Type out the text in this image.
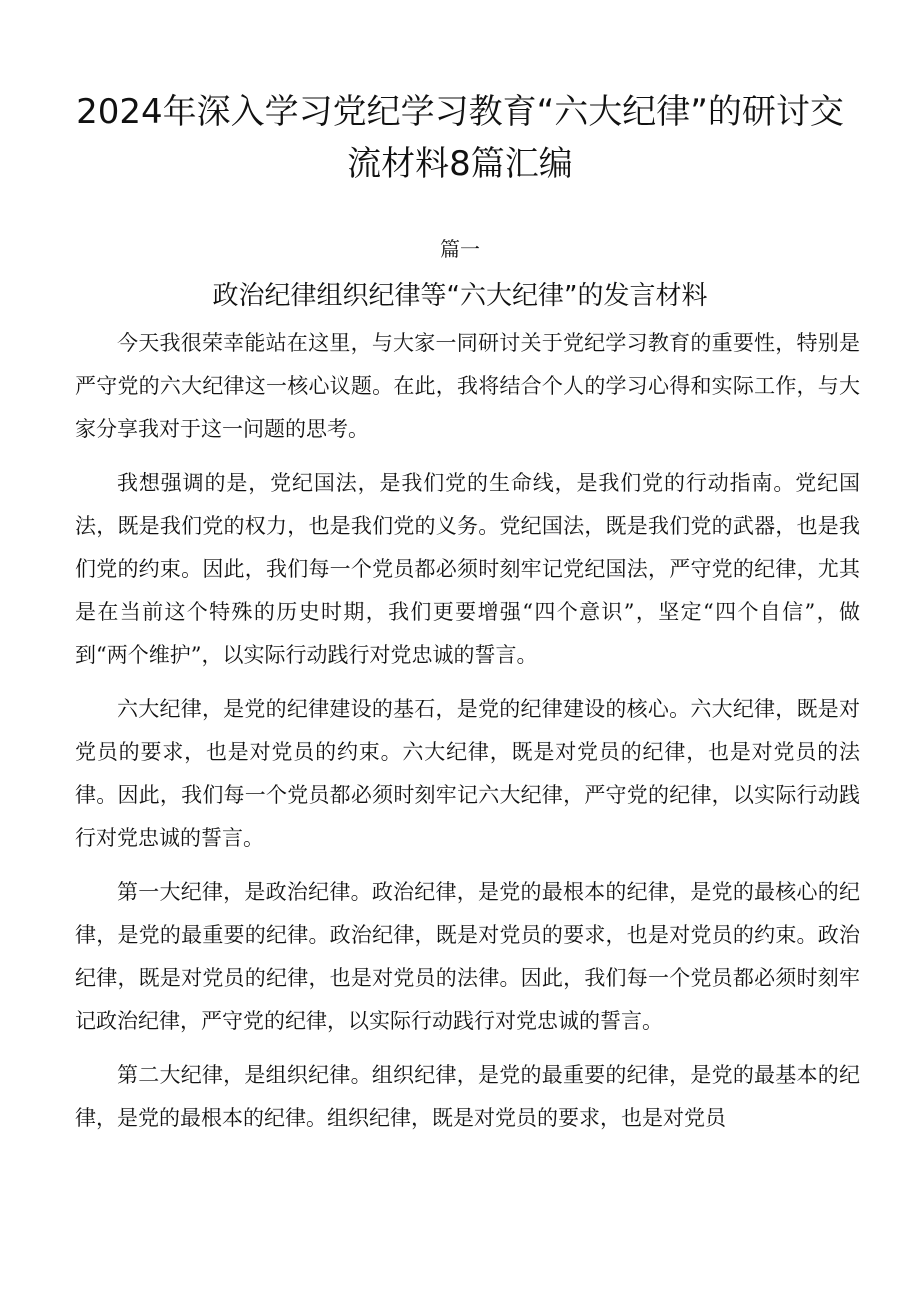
2024年深入学习党纪学习教育“六大纪律”的研讨交流材料8篇汇编
篇一
政治纪律组织纪律等“六大纪律”的发言材料

今天我很荣幸能站在这里，与大家一同研讨关于党纪学习教育的重要性，特别是严守党的六大纪律这一核心议题。在此，我将结合个人的学习心得和实际工作，与大家分享我对于这一问题的思考。

我想强调的是，党纪国法，是我们党的生命线，是我们党的行动指南。党纪国法，既是我们党的权力，也是我们党的义务。党纪国法，既是我们党的武器，也是我们党的约束。因此，我们每一个党员都必须时刻牢记党纪国法，严守党的纪律，尤其是在当前这个特殊的历史时期，我们更要增强“四个意识”，坚定“四个自信”，做到“两个维护”，以实际行动践行对党忠诚的誓言。

六大纪律，是党的纪律建设的基石，是党的纪律建设的核心。六大纪律，既是对党员的要求，也是对党员的约束。六大纪律，既是对党员的纪律，也是对党员的法律。因此，我们每一个党员都必须时刻牢记六大纪律，严守党的纪律，以实际行动践行对党忠诚的誓言。

第一大纪律，是政治纪律。政治纪律，是党的最根本的纪律，是党的最核心的纪律，是党的最重要的纪律。政治纪律，既是对党员的要求，也是对党员的约束。政治纪律，既是对党员的纪律，也是对党员的法律。因此，我们每一个党员都必须时刻牢记政治纪律，严守党的纪律，以实际行动践行对党忠诚的誓言。

第二大纪律，是组织纪律。组织纪律，是党的最重要的纪律，是党的最基本的纪律，是党的最根本的纪律。组织纪律，既是对党员的要求，也是对党员
